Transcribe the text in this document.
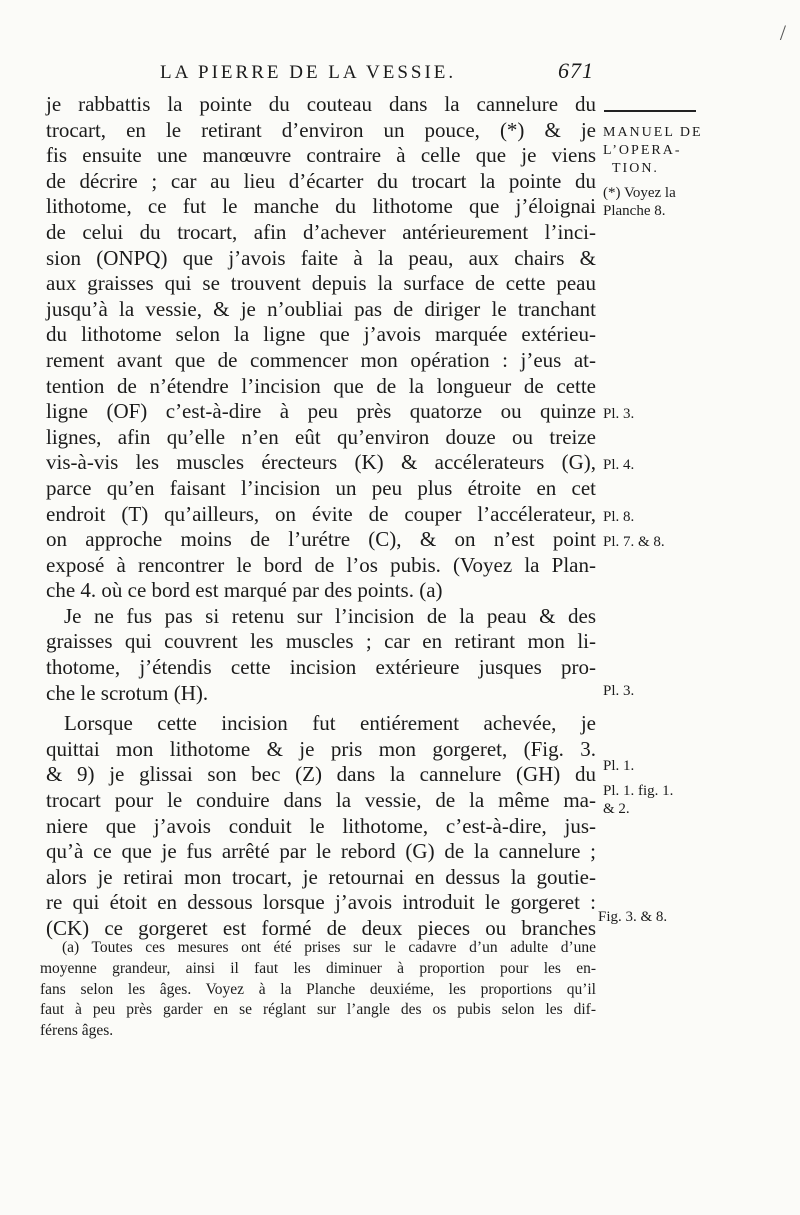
/
LA PIERRE DE LA VESSIE.	671
je rabbattis la pointe du couteau dans la cannelure du
trocart, en le retirant d’environ un pouce, (*) & je
fis ensuite une manœuvre contraire à celle que je viens
de décrire ; car au lieu d’écarter du trocart la pointe du
lithotome, ce fut le manche du lithotome que j’éloignai
de celui du trocart, afin d’achever antérieurement l’inci-
sion (ONPQ) que j’avois faite à la peau, aux chairs &
aux graisses qui se trouvent depuis la surface de cette peau
jusqu’à la vessie, & je n’oubliai pas de diriger le tranchant
du lithotome selon la ligne que j’avois marquée extérieu-
rement avant que de commencer mon opération : j’eus at-
tention de n’étendre l’incision que de la longueur de cette
ligne (OF) c’est-à-dire à peu près quatorze ou quinze
lignes, afin qu’elle n’en eût qu’environ douze ou treize
vis-à-vis les muscles érecteurs (K) & accélerateurs (G),
parce qu’en faisant l’incision un peu plus étroite en cet
endroit (T) qu’ailleurs, on évite de couper l’accélerateur,
on approche moins de l’urétre (C), & on n’est point
exposé à rencontrer le bord de l’os pubis. (Voyez la Plan-
che 4. où ce bord est marqué par des points. (a)
Je ne fus pas si retenu sur l’incision de la peau & des
graisses qui couvrent les muscles ; car en retirant mon li-
thotome, j’étendis cette incision extérieure jusques pro-
che le scrotum (H).
Lorsque cette incision fut entiérement achevée, je
quittai mon lithotome & je pris mon gorgeret, (Fig. 3.
& 9) je glissai son bec (Z) dans la cannelure (GH) du
trocart pour le conduire dans la vessie, de la même ma-
niere que j’avois conduit le lithotome, c’est-à-dire, jus-
qu’à ce que je fus arrêté par le rebord (G) de la cannelure ;
alors je retirai mon trocart, je retournai en dessus la goutie-
re qui étoit en dessous lorsque j’avois introduit le gorgeret :
(CK) ce gorgeret est formé de deux pieces ou branches
(a) Toutes ces mesures ont été prises sur le cadavre d’un adulte d’une
moyenne grandeur, ainsi il faut les diminuer à proportion pour les en-
fans selon les âges. Voyez à la Planche deuxiéme, les proportions qu’il
faut à peu près garder en se réglant sur l’angle des os pubis selon les dif-
férens âges.
MANUEL DE
L’OPERA-
TION.
(*) Voyez la
Planche 8.
Pl. 3.
Pl. 4.
Pl. 8.
Pl. 7. & 8.
Pl. 3.
Pl. 1.
Pl. 1. fig. 1.
& 2.
Fig. 3. & 8.
